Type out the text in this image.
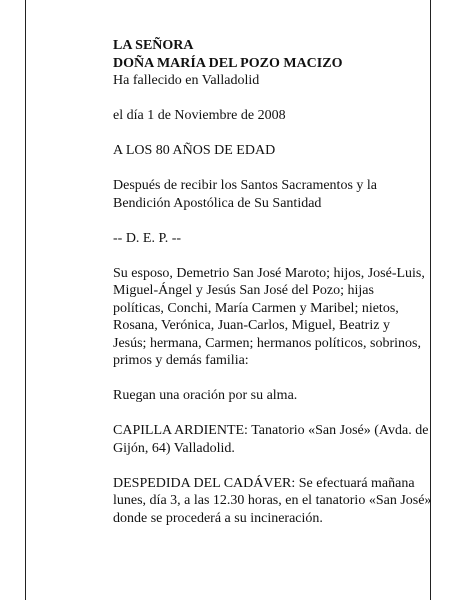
LA SEÑORA
DOÑA MARÍA DEL POZO MACIZO
Ha fallecido en Valladolid
el día 1 de Noviembre de 2008
A LOS 80 AÑOS DE EDAD
Después de recibir los Santos Sacramentos y la
Bendición Apostólica de Su Santidad
-- D. E. P. --
Su esposo, Demetrio San José Maroto; hijos, José-Luis,
Miguel-Ángel y Jesús San José del Pozo; hijas
políticas, Conchi, María Carmen y Maribel; nietos,
Rosana, Verónica, Juan-Carlos, Miguel, Beatriz y
Jesús; hermana, Carmen; hermanos políticos, sobrinos,
primos y demás familia:
Ruegan una oración por su alma.
CAPILLA ARDIENTE: Tanatorio «San José» (Avda. de
Gijón, 64) Valladolid.
DESPEDIDA DEL CADÁVER: Se efectuará mañana
lunes, día 3, a las 12.30 horas, en el tanatorio «San José»
donde se procederá a su incineración.
